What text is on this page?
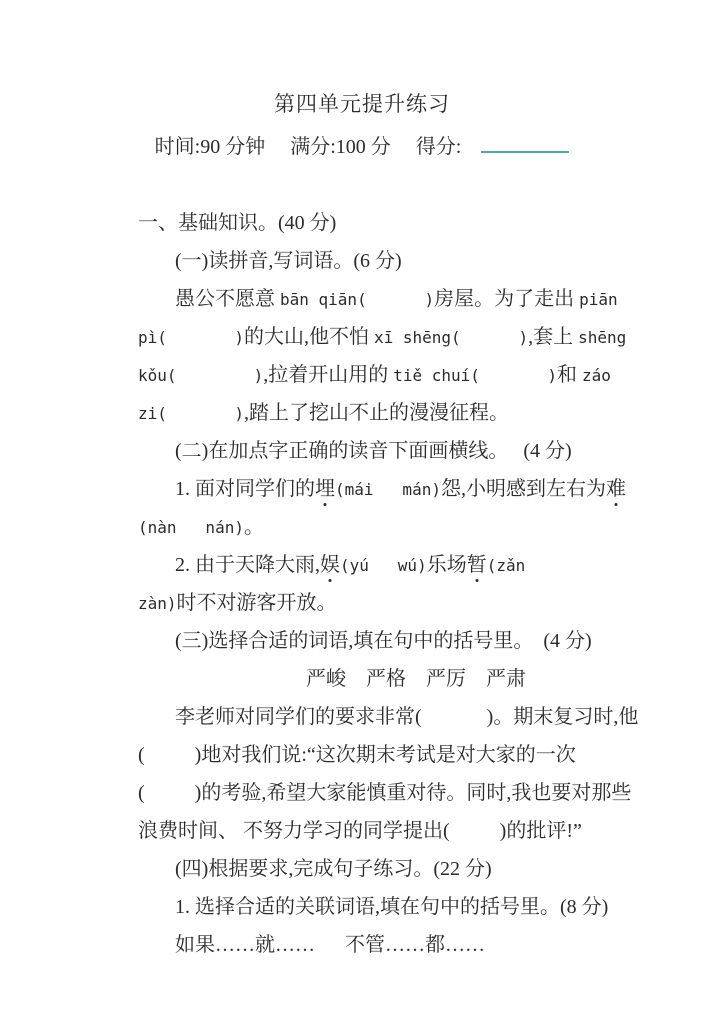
第四单元提升练习
时间:90 分钟 满分:100 分 得分:

一、基础知识。(40 分)

(一)读拼音,写词语。(6 分)

愚公不愿意 bān qiān(      )房屋。为了走出 piān

pì(       )的大山,他不怕 xī shēng(      ),套上 shēng

kǒu(        ),拉着开山用的 tiě chuí(       )和 záo

zi(       ),踏上了挖山不止的漫漫征程。

(二)在加点字正确的读音下面画横线。   (4 分)

1. 面对同学们的埋(mái   mán)怨,小明感到左右为难

(nàn   nán)。

2. 由于天降大雨,娱(yú   wú)乐场暂(zǎn

zàn)时不对游客开放。

(三)选择合适的词语,填在句中的括号里。  (4 分)

严峻    严格    严厉    严肃

李老师对同学们的要求非常(             )。期末复习时,他

(          )地对我们说:“这次期末考试是对大家的一次

(          )的考验,希望大家能慎重对待。同时,我也要对那些

浪费时间、 不努力学习的同学提出(          )的批评!”

(四)根据要求,完成句子练习。(22 分)

1. 选择合适的关联词语,填在句中的括号里。(8 分)

如果……就……      不管……都……
